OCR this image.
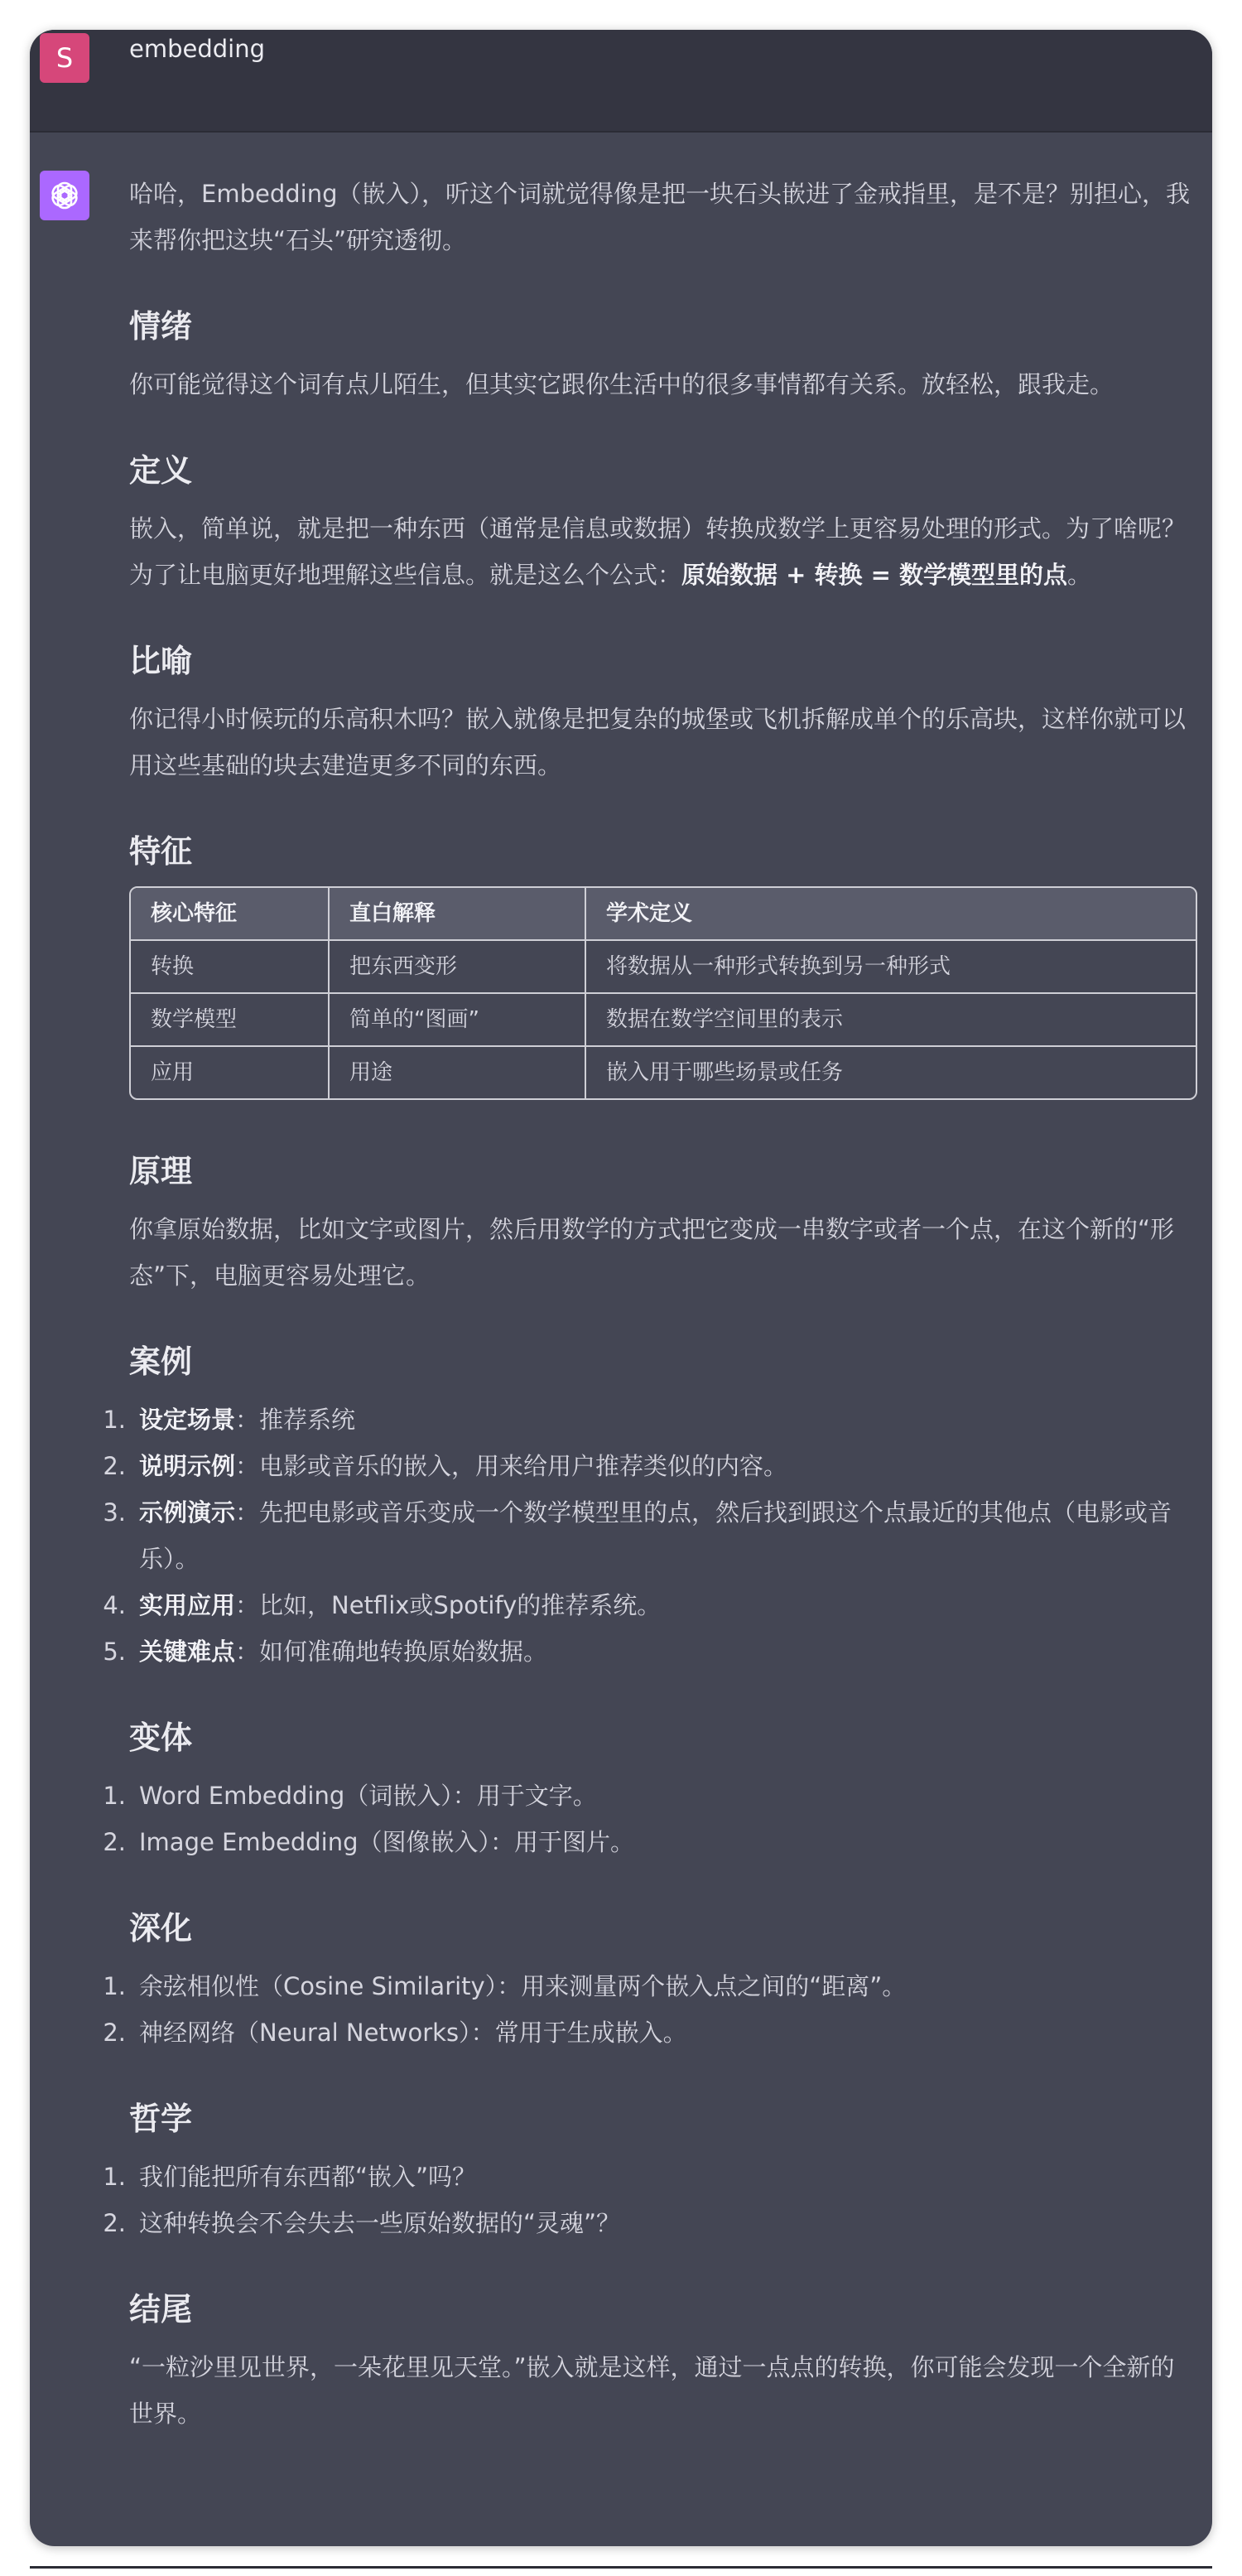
S embedding

哈哈，Embedding（嵌入），听这个词就觉得像是把一块石头嵌进了金戒指里，是不是？别担心，我来帮你把这块“石头”研究透彻。

情绪

你可能觉得这个词有点儿陌生，但其实它跟你生活中的很多事情都有关系。放轻松，跟我走。

定义

嵌入，简单说，就是把一种东西（通常是信息或数据）转换成数学上更容易处理的形式。为了啥呢？为了让电脑更好地理解这些信息。就是这么个公式：原始数据 + 转换 = 数学模型里的点。

比喻

你记得小时候玩的乐高积木吗？嵌入就像是把复杂的城堡或飞机拆解成单个的乐高块，这样你就可以用这些基础的块去建造更多不同的东西。

特征
核心特征	直白解释	学术定义
转换	把东西变形	将数据从一种形式转换到另一种形式
数学模型	简单的“图画”	数据在数学空间里的表示
应用	用途	嵌入用于哪些场景或任务
原理

你拿原始数据，比如文字或图片，然后用数学的方式把它变成一串数字或者一个点，在这个新的“形态”下，电脑更容易处理它。

案例
1. 设定场景：推荐系统
2. 说明示例：电影或音乐的嵌入，用来给用户推荐类似的内容。
3. 示例演示：先把电影或音乐变成一个数学模型里的点，然后找到跟这个点最近的其他点（电影或音乐）。
4. 实用应用：比如，Netflix或Spotify的推荐系统。
5. 关键难点：如何准确地转换原始数据。
变体
1. Word Embedding（词嵌入）：用于文字。
2. Image Embedding（图像嵌入）：用于图片。
深化
1. 余弦相似性（Cosine Similarity）：用来测量两个嵌入点之间的“距离”。
2. 神经网络（Neural Networks）：常用于生成嵌入。
哲学
1. 我们能把所有东西都“嵌入”吗？
2. 这种转换会不会失去一些原始数据的“灵魂”？
结尾

“一粒沙里见世界，一朵花里见天堂。”嵌入就是这样，通过一点点的转换，你可能会发现一个全新的世界。
